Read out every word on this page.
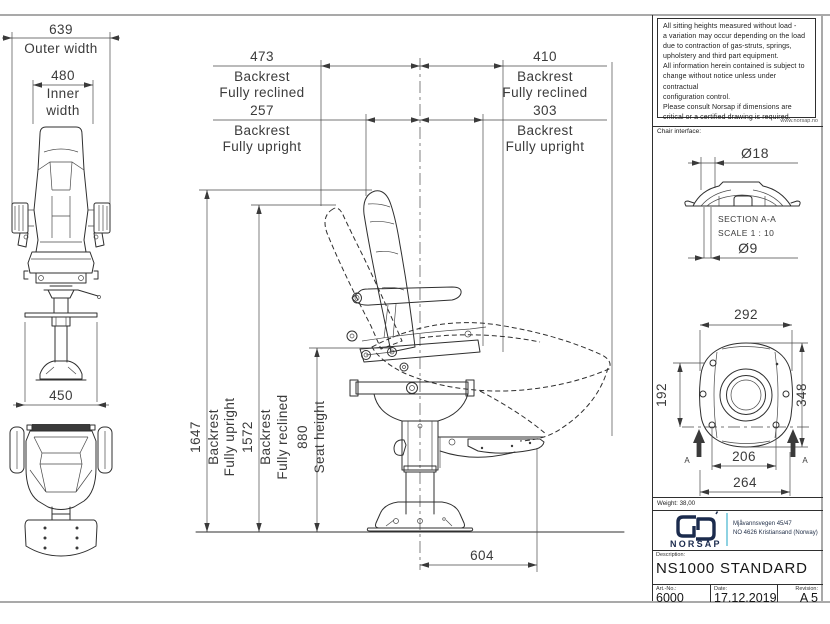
639
Outer width
480
Inner
width
450
473
Backrest
Fully reclined
410
Backrest
Fully reclined
257
Backrest
Fully upright
303
Backrest
Fully upright
1647 Backrest Fully upright 1572 Backrest Fully reclined 880 Seat height
604
Ø18
SECTION A-A
SCALE 1 : 10
Ø9
292
192	348
A	A
206
264
All sitting heights measured without load -
a variation may occur depending on the load
due to contraction of gas-struts, springs,
upholstery and third part equipment.
All information herein contained is subject to
change without notice unless under contractual
configuration control.
Please consult Norsap if dimensions are
critical or a certified drawing is required.
www.norsap.no
Chair interface:
Weight: 38,00
NORSAP
Mjåvannsvegen 45/47
NO 4626 Kristiansand (Norway)
Description:
NS1000 STANDARD
Art.-No.:
6000
Date:
17.12.2019
Revision:
A 5
